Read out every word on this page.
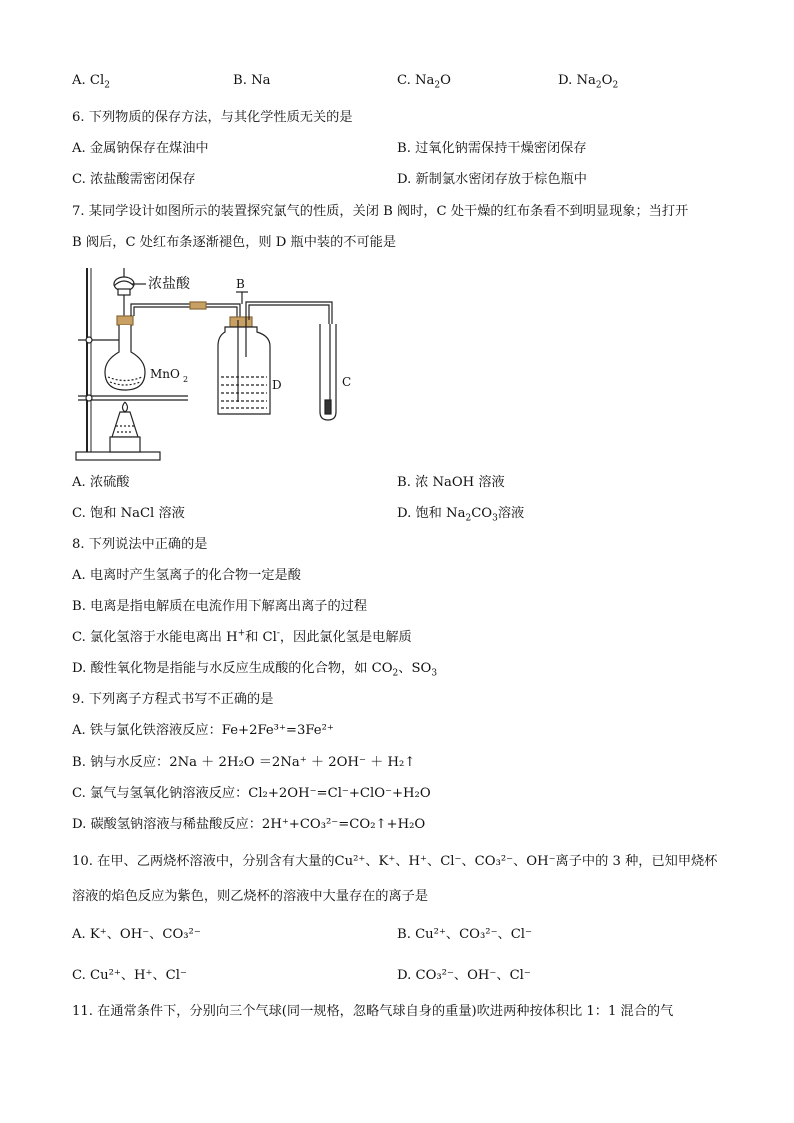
A. $Cl_2$	B. Na	C. $Na_2O$	D. $Na_2O_2$
6. 下列物质的保存方法，与其化学性质无关的是
A. 金属钠保存在煤油中	B. 过氧化钠需保持干燥密闭保存
C. 浓盐酸需密闭保存	D. 新制氯水密闭存放于棕色瓶中
7. 某同学设计如图所示的装置探究氯气的性质，关闭 B 阀时，C 处干燥的红布条看不到明显现象；当打开
B 阀后，C 处红布条逐渐褪色，则 D 瓶中装的不可能是
浓盐酸
MnO 2
B
D	C
A. 浓硫酸	B. 浓 NaOH 溶液
C. 饱和 NaCl 溶液	D. 饱和 $Na_2CO_3$溶液
8. 下列说法中正确的是
A. 电离时产生氢离子的化合物一定是酸
B. 电离是指电解质在电流作用下解离出离子的过程
C. 氯化氢溶于水能电离出 H+和 Cl-，因此氯化氢是电解质
D. 酸性氧化物是指能与水反应生成酸的化合物，如 $CO_2$、$SO_3$
9. 下列离子方程式书写不正确的是
A. 铁与氯化铁溶液反应：Fe+2Fe³⁺=3Fe²⁺
B. 钠与水反应：2Na ＋ 2H₂O ＝2Na⁺ ＋ 2OH⁻ ＋ H₂↑
C. 氯气与氢氧化钠溶液反应：Cl₂+2OH⁻=Cl⁻+ClO⁻+H₂O
D. 碳酸氢钠溶液与稀盐酸反应：2H⁺+CO₃²⁻=CO₂↑+H₂O
10. 在甲、乙两烧杯溶液中，分别含有大量的Cu²⁺、K⁺、H⁺、Cl⁻、CO₃²⁻、OH⁻离子中的 3 种，已知甲烧杯
溶液的焰色反应为紫色，则乙烧杯的溶液中大量存在的离子是
A. K⁺、OH⁻、CO₃²⁻	B. Cu²⁺、CO₃²⁻、Cl⁻
C. Cu²⁺、H⁺、Cl⁻	D. CO₃²⁻、OH⁻、Cl⁻
11. 在通常条件下，分别向三个气球(同一规格，忽略气球自身的重量)吹进两种按体积比 1：1 混合的气
